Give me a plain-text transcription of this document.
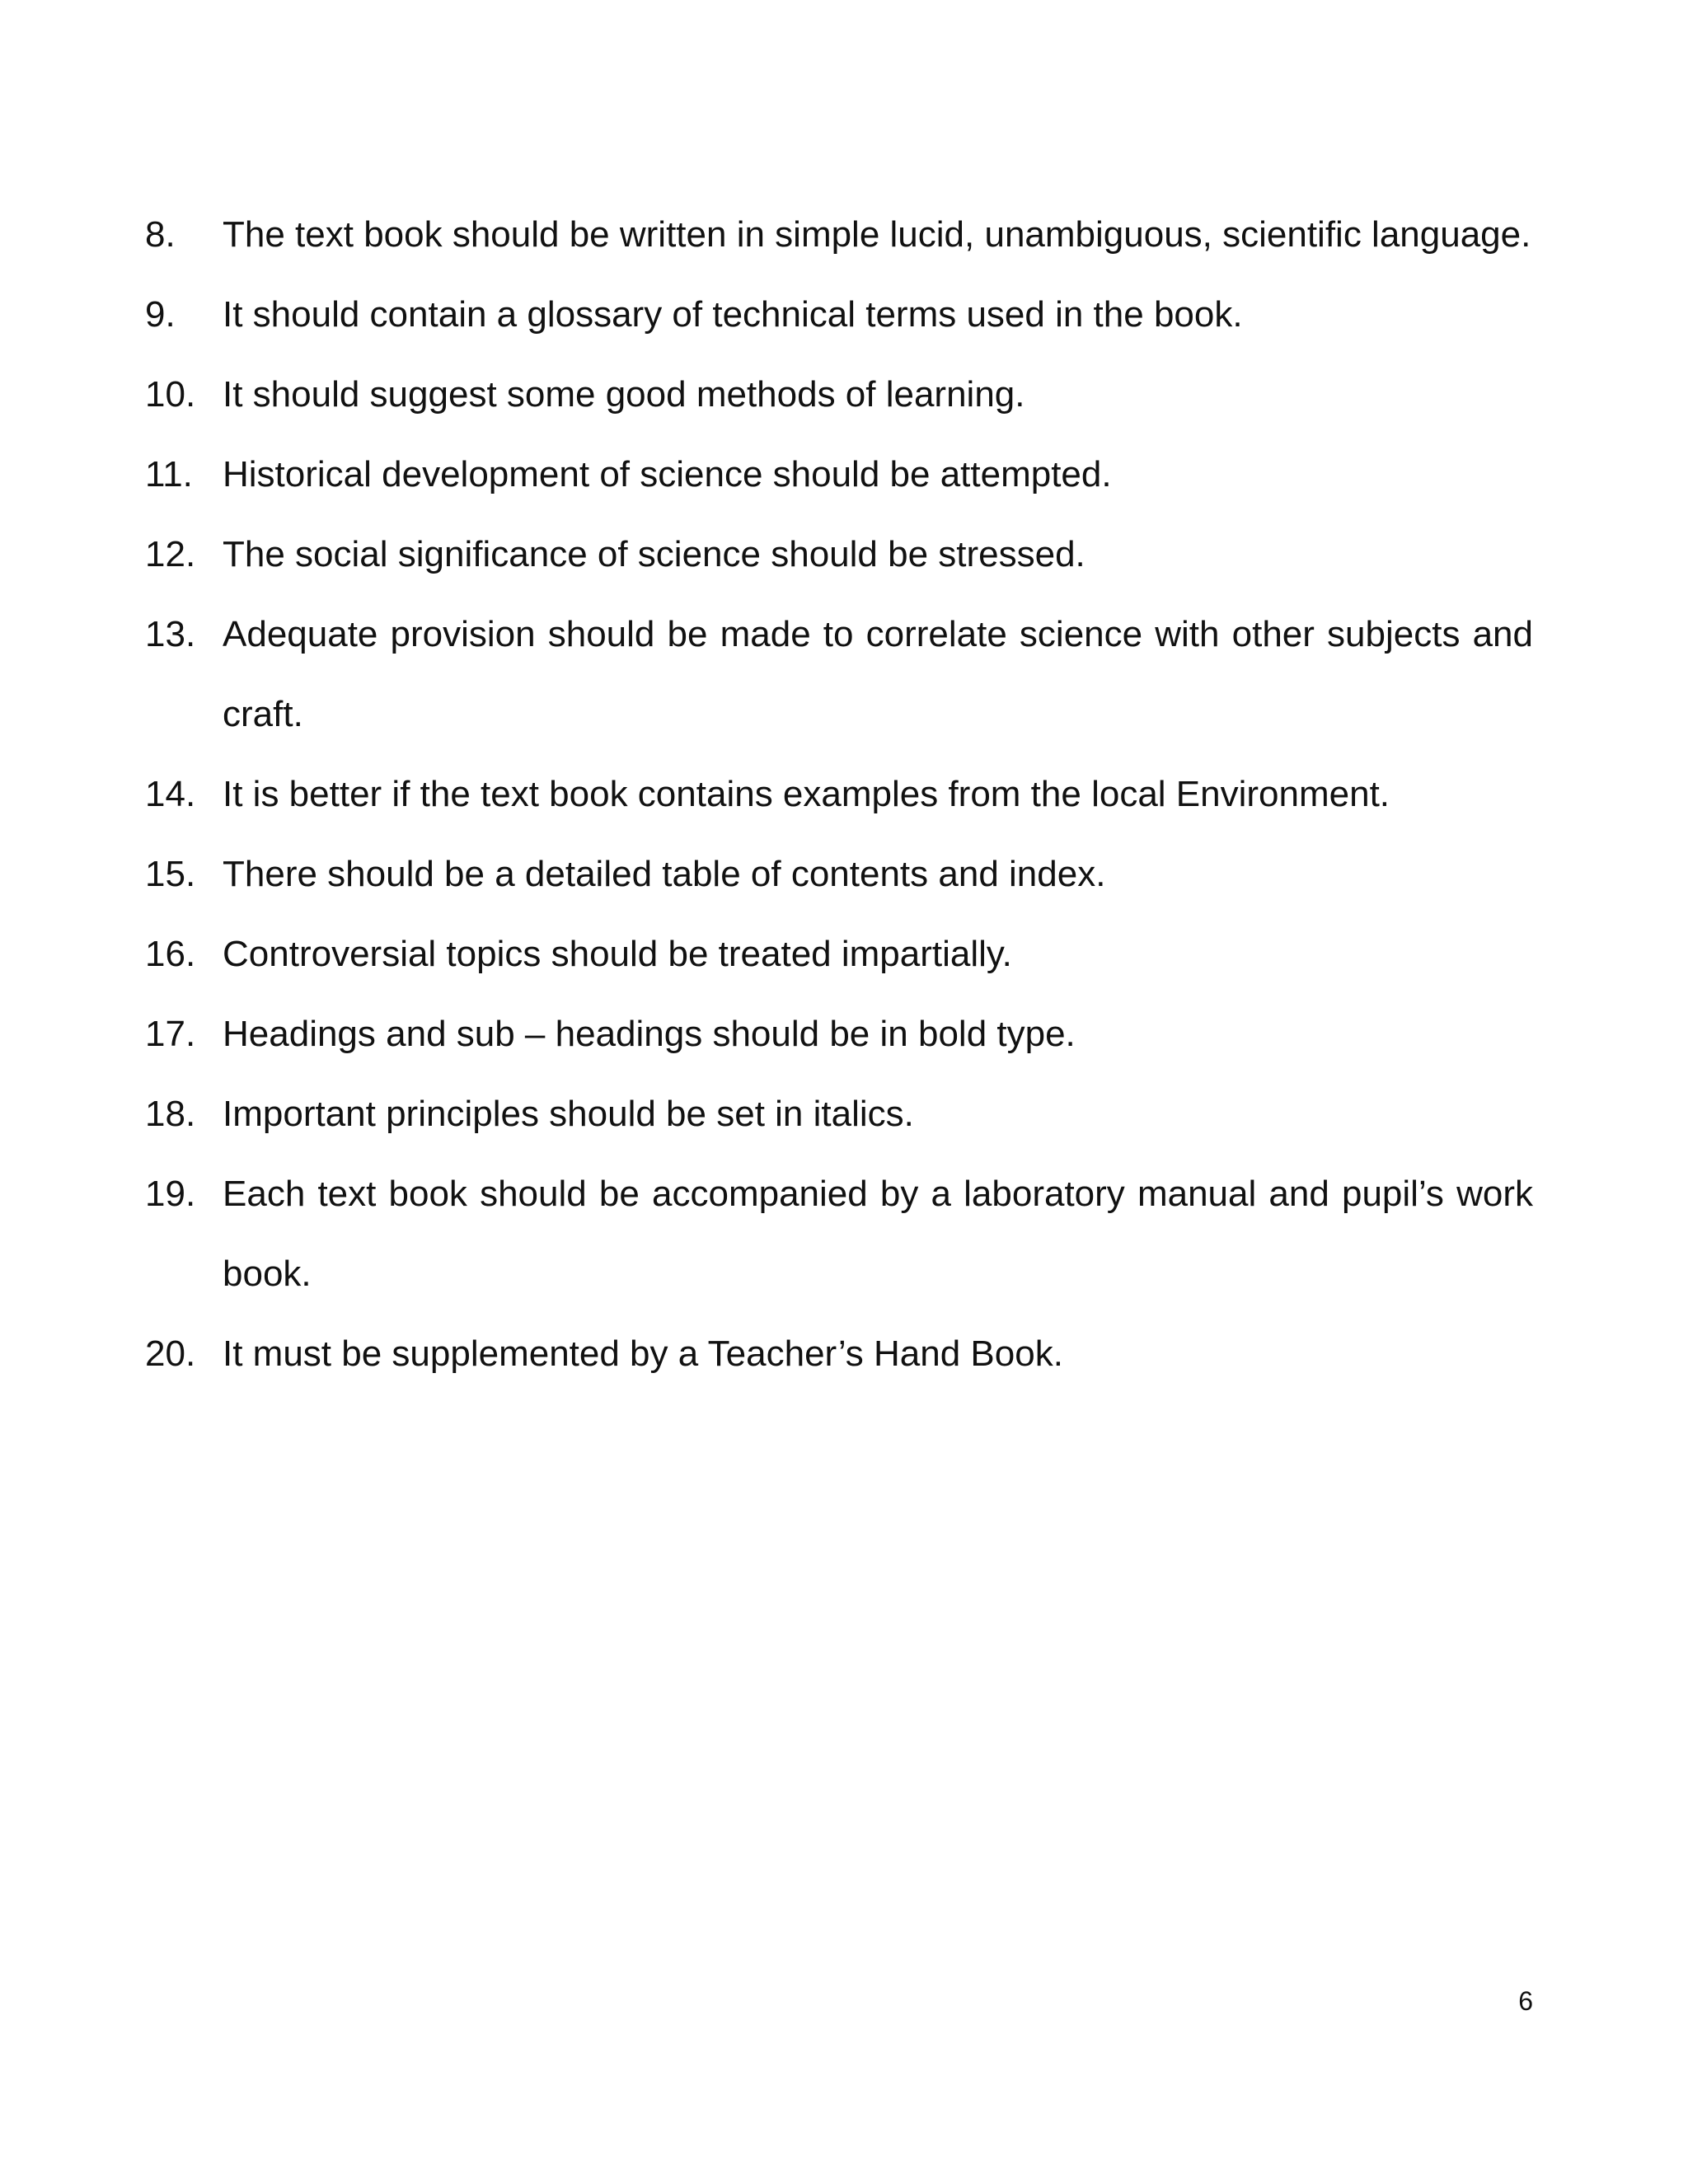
8.	The text book should be written in simple lucid, unambiguous, scientific language.
9.	It should contain a glossary of technical terms used in the book.
10. It should suggest some good methods of learning.
11. Historical development of science should be attempted.
12. The social significance of science should be stressed.
13. Adequate provision should be made to correlate science with other subjects and craft.
14. It is better if the text book contains examples from the local Environment.
15. There should be a detailed table of contents and index.
16. Controversial topics should be treated impartially.
17. Headings and sub – headings should be in bold type.
18. Important principles should be set in italics.
19. Each text book should be accompanied by a laboratory manual and pupil’s work book.
20. It must be supplemented by a Teacher’s Hand Book.
6
